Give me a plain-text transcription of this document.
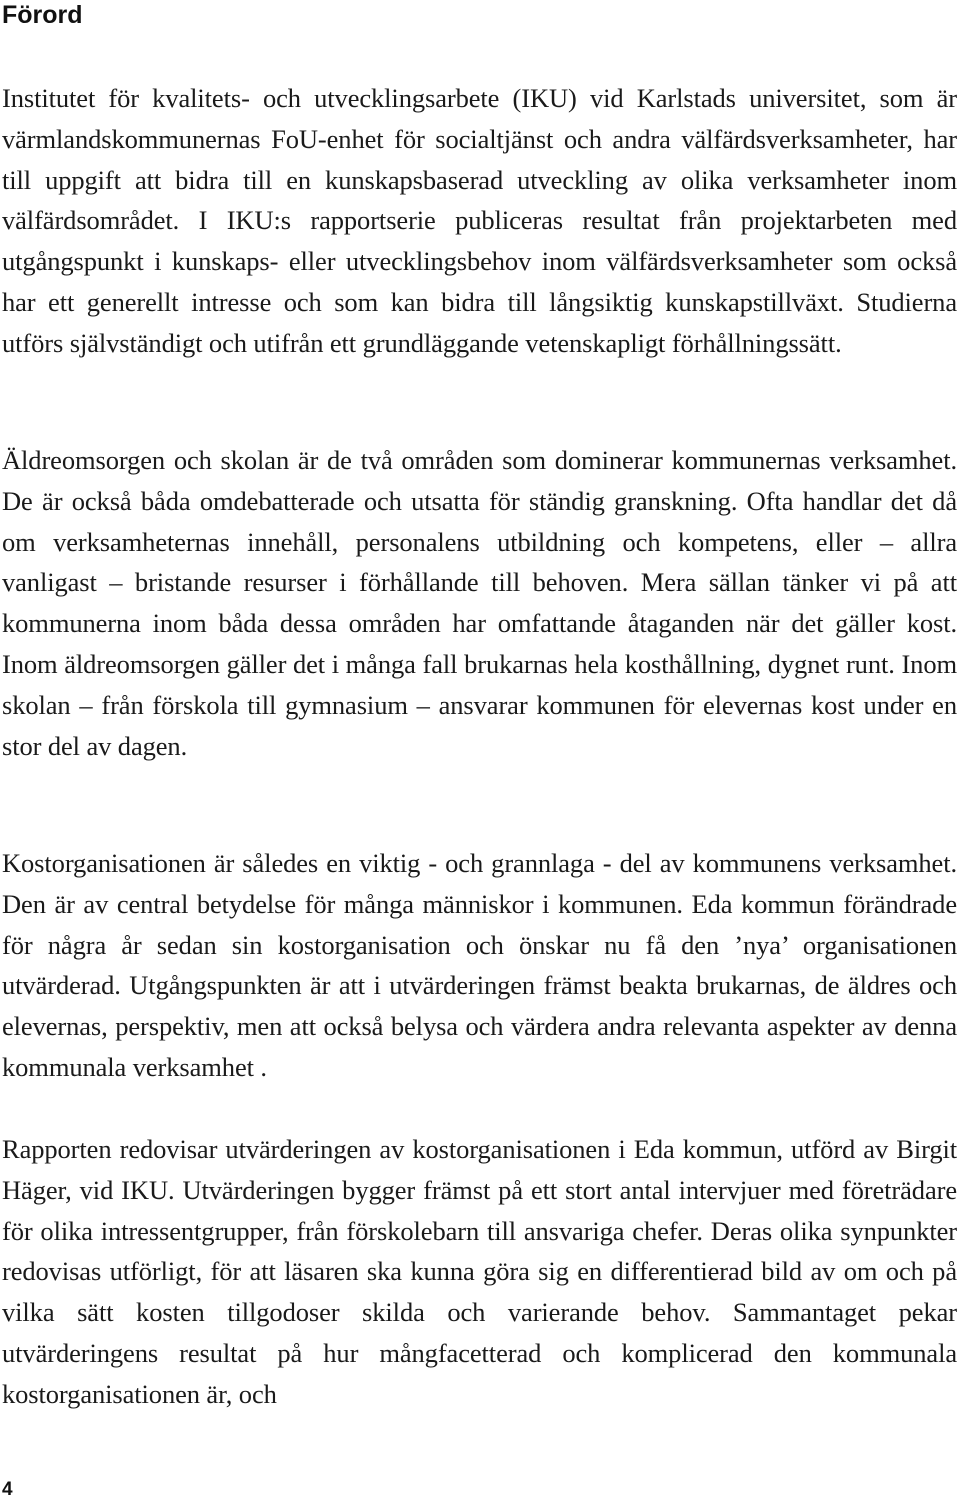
Förord

Institutet för kvalitets- och utvecklingsarbete (IKU) vid Karlstads universitet, som är värmlandskommunernas FoU-enhet för socialtjänst och andra välfärdsverksamheter, har till uppgift att bidra till en kunskapsbaserad utveckling av olika verksamheter inom välfärdsområdet. I IKU:s rapportserie publiceras resultat från projektarbeten med utgångspunkt i kunskaps- eller utvecklingsbehov inom välfärdsverksamheter som också har ett generellt intresse och som kan bidra till långsiktig kunskapstillväxt. Studierna utförs självständigt och utifrån ett grundläggande vetenskapligt förhållningssätt.

Äldreomsorgen och skolan är de två områden som dominerar kommunernas verksamhet. De är också båda omdebatterade och utsatta för ständig granskning. Ofta handlar det då om verksamheternas innehåll, personalens utbildning och kompetens, eller – allra vanligast – bristande resurser i förhållande till behoven. Mera sällan tänker vi på att kommunerna inom båda dessa områden har omfattande åtaganden när det gäller kost. Inom äldreomsorgen gäller det i många fall brukarnas hela kosthållning, dygnet runt. Inom skolan – från förskola till gymnasium – ansvarar kommunen för elevernas kost under en stor del av dagen.

Kostorganisationen är således en viktig - och grannlaga - del av kommunens verksamhet. Den är av central betydelse för många människor i kommunen. Eda kommun förändrade för några år sedan sin kostorganisation och önskar nu få den ’nya’ organisationen utvärderad. Utgångspunkten är att i utvärderingen främst beakta brukarnas, de äldres och elevernas, perspektiv, men att också belysa och värdera andra relevanta aspekter av denna kommunala verksamhet .

Rapporten redovisar utvärderingen av kostorganisationen i Eda kommun, utförd av Birgit Häger, vid IKU. Utvärderingen bygger främst på ett stort antal intervjuer med företrädare för olika intressentgrupper, från förskolebarn till ansvariga chefer. Deras olika synpunkter redovisas utförligt, för att läsaren ska kunna göra sig en differentierad bild av om och på vilka sätt kosten tillgodoser skilda och varierande behov. Sammantaget pekar utvärderingens resultat på hur mångfacetterad och komplicerad den kommunala kostorganisationen är, och

4
